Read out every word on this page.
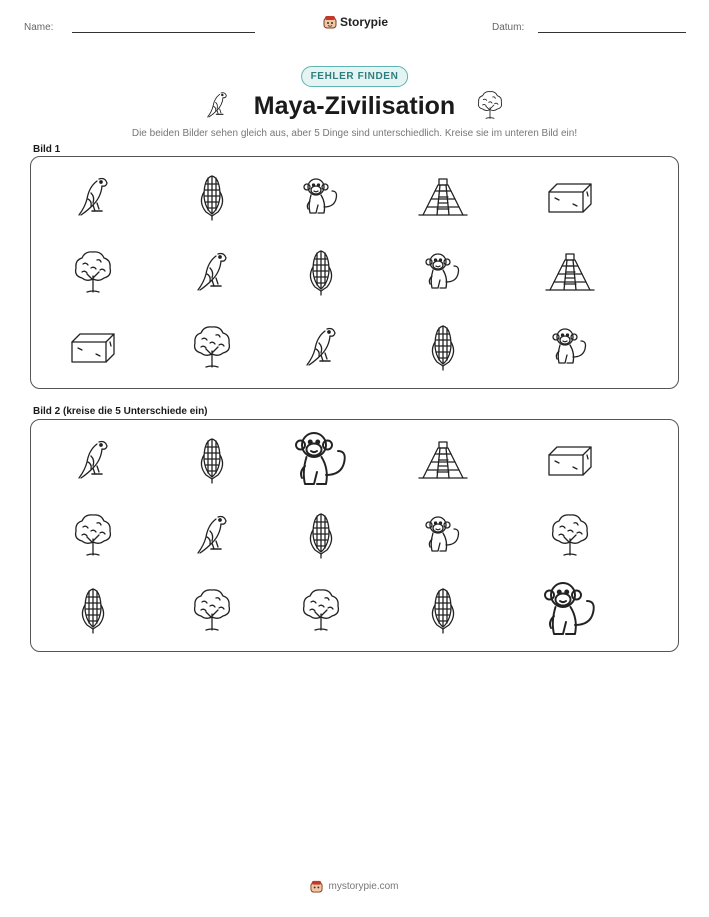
Name:	Storypie	Datum:
FEHLER FINDEN
Maya-Zivilisation
Die beiden Bilder sehen gleich aus, aber 5 Dinge sind unterschiedlich. Kreise sie im unteren Bild ein!
Bild 1
Bild 2 (kreise die 5 Unterschiede ein)
mystorypie.com
